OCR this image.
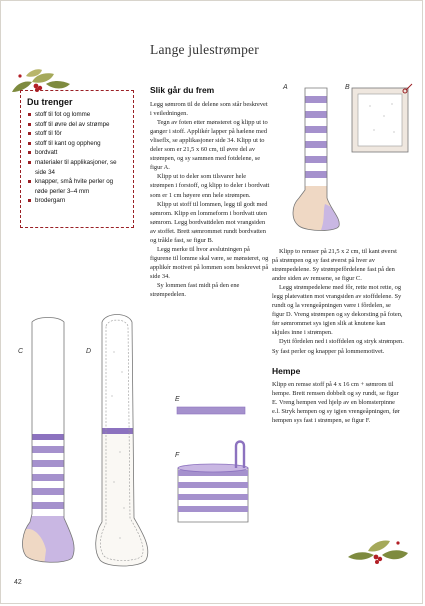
Lange julestrømper
Du trenger
stoff til fot og lomme
stoff til øvre del av strømpe
stoff til fôr
stoff til kant og oppheng
bordvatt
materialer til applikasjoner, se side 34
knapper, små hvite perler og røde perler 3–4 mm
brodergarn
Slik går du frem

Legg sømrom til de delene som står beskrevet i veiledningen.

Tegn av foten etter mønsteret og klipp ut to ganger i stoff. Applikér lapper på hælene med vliseflx, se applikasjoner side 34. Klipp ut to deler som er 21,5 x 60 cm, til øvre del av strømpen, og sy sammen med fotdelene, se figur A.

Klipp ut to deler som tilsvarer hele strømpen i forstoff, og klipp to deler i bordvatt som er 1 cm høyere enn hele strømpen.

Klipp ut stoff til lommen, legg til godt med sømrom. Klipp en lommeform i bordvatt uten sømrom. Legg bordvattdelen mot vrangsiden av stoffet. Brett sømrommet rundt bordvatten og tråkle fast, se figur B.

Legg merke til hvor avslutningen på figurene til lomme skal være, se mønsteret, og applikér motivet på lommen som beskrevet på side 34.

Sy lommen fast midt på den ene strømpedelen.

Klipp to remser på 21,5 x 2 cm, til kant øverst på strømpen og sy fast øverst på hver av strømpedelene. Sy strømpefôrdelene fast på den andre siden av remsene, se figur C.

Legg strømpedelene med fôr, rette mot rette, og legg platevatten mot vrangsiden av stoffdelene. Sy rundt og la vrengeåpningen være i fôrdelen, se figur D. Vreng strømpen og sy dekorsting på foten, før sømrommet sys igjen slik at knutene kan skjules inne i strømpen.

Dytt fôrdelen ned i stoffdelen og stryk strømpen. Sy fast perler og knapper på lommemotivet.

Hempe

Klipp en remse stoff på 4 x 16 cm + sømrom til hempe. Brett remsen dobbelt og sy rundt, se figur E. Vreng hempen ved hjelp av en blomsterpinne e.l. Stryk hempen og sy igjen vrengeåpningen, før hempen sys fast i strømpen, se figur F.

A	B
C	D
E
F
42
